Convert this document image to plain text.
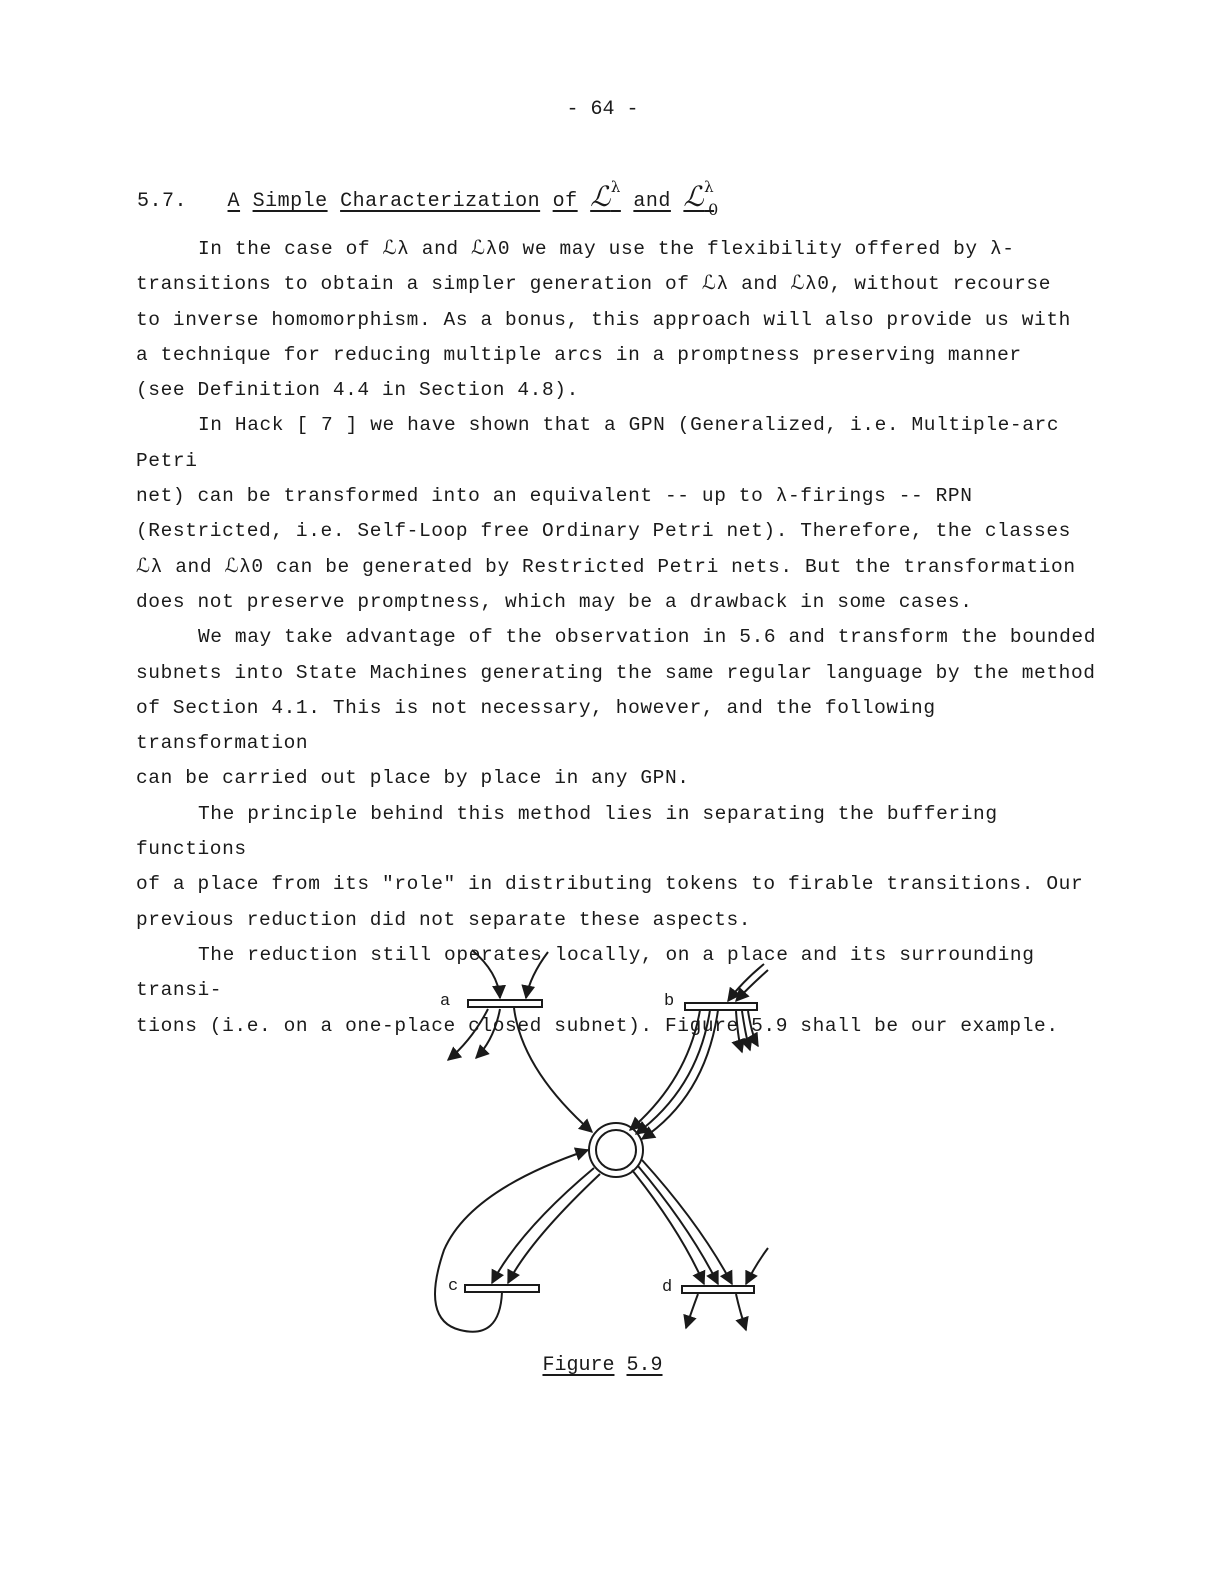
- 64 -
5.7. A Simple Characterization of ℒ$^\lambda$ and ℒ$^\lambda_0$

In the case of ℒλ and ℒλ0 we may use the flexibility offered by λ-
transitions to obtain a simpler generation of ℒλ and ℒλ0, without recourse
to inverse homomorphism. As a bonus, this approach will also provide us with
a technique for reducing multiple arcs in a promptness preserving manner
(see Definition 4.4 in Section 4.8).

In Hack [ 7 ] we have shown that a GPN (Generalized, i.e. Multiple-arc Petri
net) can be transformed into an equivalent -- up to λ-firings -- RPN
(Restricted, i.e. Self-Loop free Ordinary Petri net). Therefore, the classes
ℒλ and ℒλ0 can be generated by Restricted Petri nets. But the transformation
does not preserve promptness, which may be a drawback in some cases.

We may take advantage of the observation in 5.6 and transform the bounded
subnets into State Machines generating the same regular language by the method
of Section 4.1. This is not necessary, however, and the following transformation
can be carried out place by place in any GPN.

The principle behind this method lies in separating the buffering functions
of a place from its "role" in distributing tokens to firable transitions. Our
previous reduction did not separate these aspects.

The reduction still operates locally, on a place and its surrounding transi-
tions (i.e. on a one-place closed subnet). Figure 5.9 shall be our example.

a	b
c	d
Figure 5.9
